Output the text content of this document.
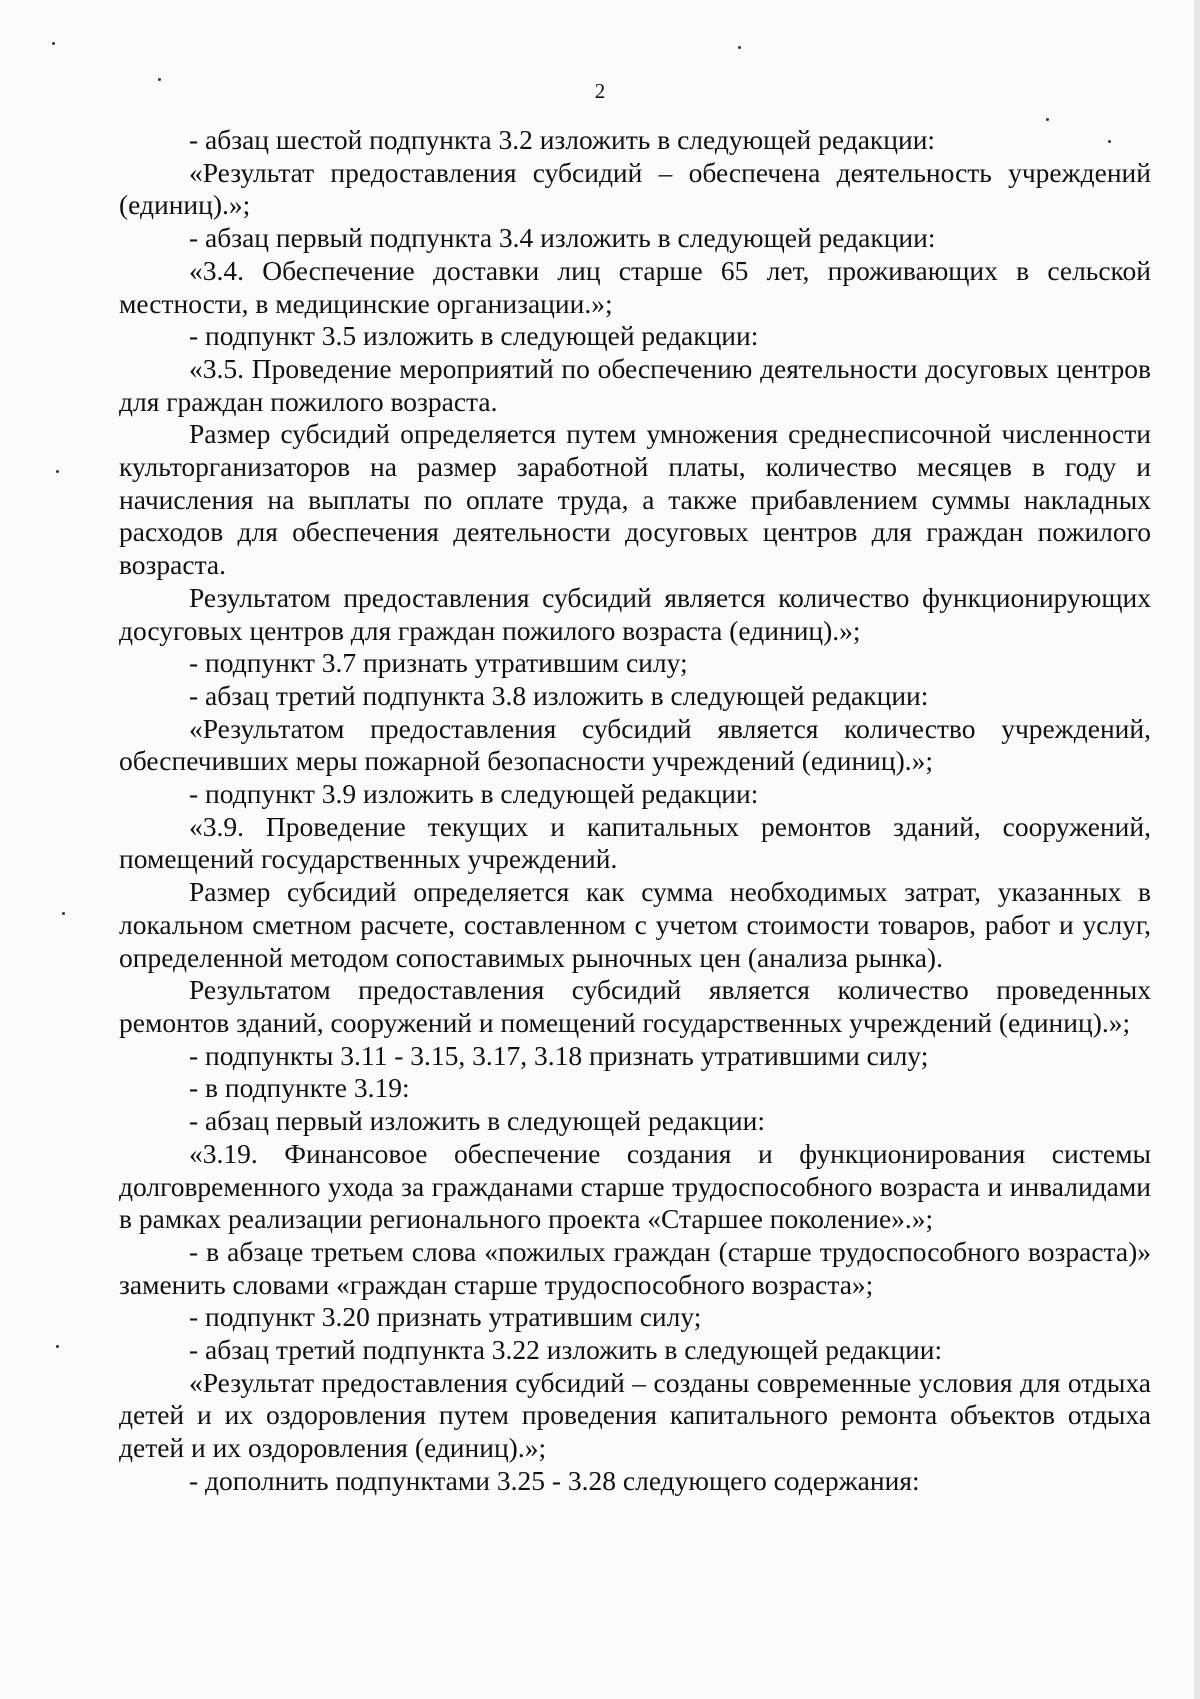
2

- абзац шестой подпункта 3.2 изложить в следующей редакции:

«Результат предоставления субсидий – обеспечена деятельность учреждений (единиц).»;

- абзац первый подпункта 3.4 изложить в следующей редакции:

«3.4. Обеспечение доставки лиц старше 65 лет, проживающих в сельской местности, в медицинские организации.»;

- подпункт 3.5 изложить в следующей редакции:

«3.5. Проведение мероприятий по обеспечению деятельности досуговых центров для граждан пожилого возраста.

Размер субсидий определяется путем умножения среднесписочной численности культорганизаторов на размер заработной платы, количество месяцев в году и начисления на выплаты по оплате труда, а также прибавлением суммы накладных расходов для обеспечения деятельности досуговых центров для граждан пожилого возраста.

Результатом предоставления субсидий является количество функционирующих досуговых центров для граждан пожилого возраста (единиц).»;

- подпункт 3.7 признать утратившим силу;

- абзац третий подпункта 3.8 изложить в следующей редакции:

«Результатом предоставления субсидий является количество учреждений, обеспечивших меры пожарной безопасности учреждений (единиц).»;

- подпункт 3.9 изложить в следующей редакции:

«3.9. Проведение текущих и капитальных ремонтов зданий, сооружений, помещений государственных учреждений.

Размер субсидий определяется как сумма необходимых затрат, указанных в локальном сметном расчете, составленном с учетом стоимости товаров, работ и услуг, определенной методом сопоставимых рыночных цен (анализа рынка).

Результатом предоставления субсидий является количество проведенных ремонтов зданий, сооружений и помещений государственных учреждений (единиц).»;

- подпункты 3.11 - 3.15, 3.17, 3.18 признать утратившими силу;

- в подпункте 3.19:

- абзац первый изложить в следующей редакции:

«3.19. Финансовое обеспечение создания и функционирования системы долговременного ухода за гражданами старше трудоспособного возраста и инвалидами в рамках реализации регионального проекта «Старшее поколение».»;

- в абзаце третьем слова «пожилых граждан (старше трудоспособного возраста)» заменить словами «граждан старше трудоспособного возраста»;

- подпункт 3.20 признать утратившим силу;

- абзац третий подпункта 3.22 изложить в следующей редакции:

«Результат предоставления субсидий – созданы современные условия для отдыха детей и их оздоровления путем проведения капитального ремонта объектов отдыха детей и их оздоровления (единиц).»;

- дополнить подпунктами 3.25 - 3.28 следующего содержания:
